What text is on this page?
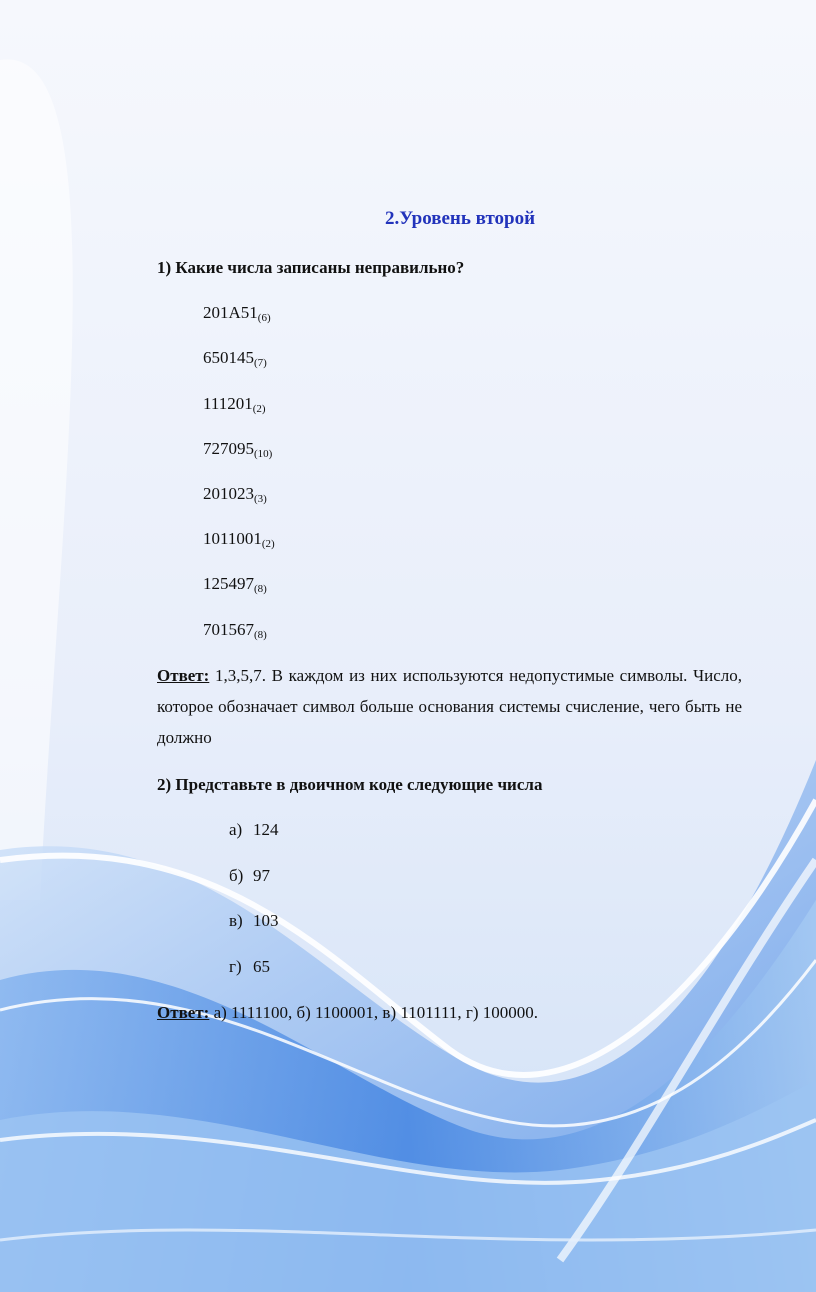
2.Уровень второй
1) Какие числа записаны неправильно?
$201A51_{(6)}$
$650145_{(7)}$
$111201_{(2)}$
$727095_{(10)}$
$201023_{(3)}$
$1011001_{(2)}$
$125497_{(8)}$
$701567_{(8)}$
Ответ: 1,3,5,7. В каждом из них используются недопустимые символы. Число, которое обозначает символ больше основания системы счисление, чего быть не должно
2) Представьте в двоичном коде следующие числа
а) 124
б) 97
в) 103
г) 65
Ответ: а) 1111100, б) 1100001, в) 1101111, г) 100000.
